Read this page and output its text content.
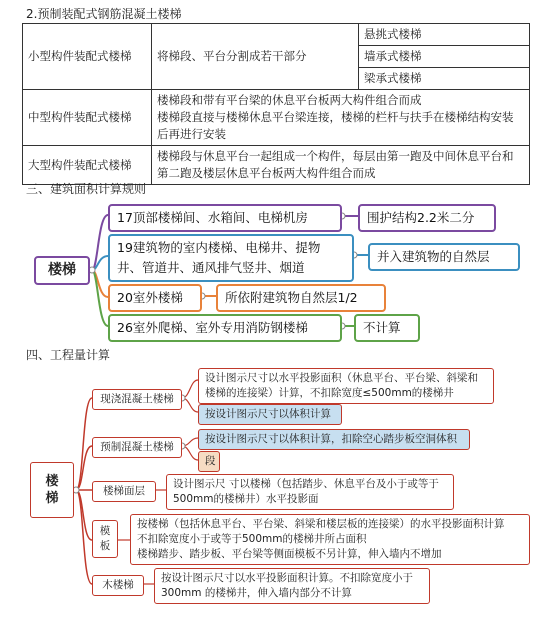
2.预制装配式钢筋混凝土楼梯
小型构件装配式楼梯	将梯段、平台分割成若干部分	悬挑式楼梯
		墙承式楼梯
		梁承式楼梯
中型构件装配式楼梯	楼梯段和带有平台梁的休息平台板两大构件组合而成
楼梯段直接与楼梯休息平台梁连接，楼梯的栏杆与扶手在楼梯结构安装后再进行安装	

大型构件装配式楼梯	楼梯段与休息平台一起组成一个构件，每层由第一跑及中间休息平台和第二跑及楼层休息平台板两大构件组合而成	
三、建筑面积计算规则
楼梯
17顶部楼梯间、水箱间、电梯机房	围护结构2.2米二分
19建筑物的室内楼梯、电梯井、提物
井、管道井、通风排气竖井、烟道
并入建筑物的自然层
20室外楼梯	所依附建筑物自然层1/2
26室外爬梯、室外专用消防钢楼梯	不计算
四、工程量计算
楼
梯
现浇混凝土楼梯
设计图示尺寸以水平投影面积（休息平台、平台梁、斜梁和
楼梯的连接梁）计算，不扣除宽度≤500mm的楼梯井
按设计图示尺寸以体积计算
预制混凝土楼梯
按设计图示尺寸以体积计算，扣除空心踏步板空洞体积
段
楼梯面层
设计图示尺 寸以楼梯（包括踏步、休息平台及小于或等于
500mm的楼梯井）水平投影面
模
板
按楼梯（包括休息平台、平台梁、斜梁和楼层板的连接梁）的水平投影面积计算
不扣除宽度小于或等于500mm的楼梯井所占面积
楼梯踏步、踏步板、平台梁等侧面模板不另计算，伸入墙内不增加
木楼梯
按设计图示尺寸以水平投影面积计算。不扣除宽度小于
300mm 的楼梯井，伸入墙内部分不计算
